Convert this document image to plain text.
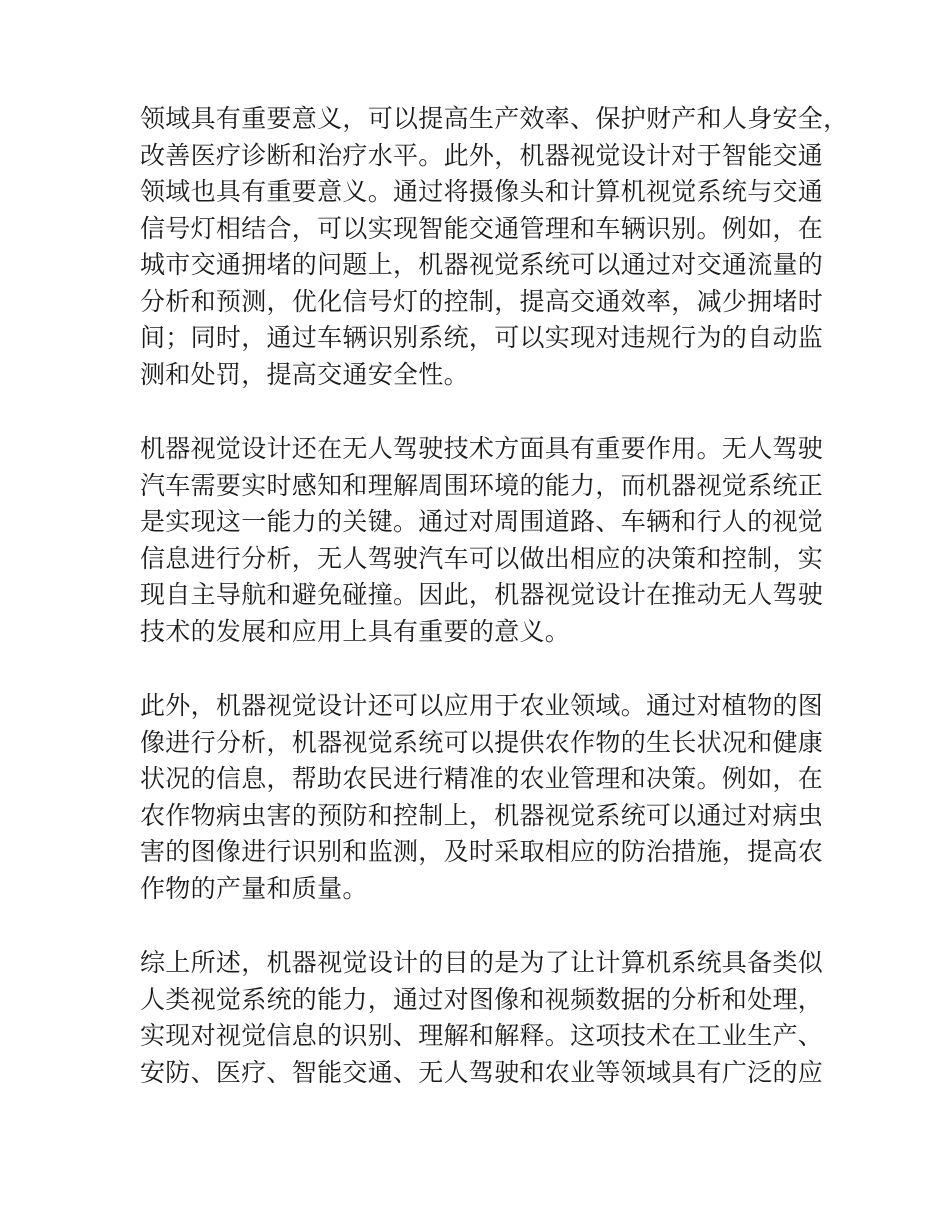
领域具有重要意义，可以提高生产效率、保护财产和人身安全，
改善医疗诊断和治疗水平。此外，机器视觉设计对于智能交通
领域也具有重要意义。通过将摄像头和计算机视觉系统与交通
信号灯相结合，可以实现智能交通管理和车辆识别。例如，在
城市交通拥堵的问题上，机器视觉系统可以通过对交通流量的
分析和预测，优化信号灯的控制，提高交通效率，减少拥堵时
间；同时，通过车辆识别系统，可以实现对违规行为的自动监
测和处罚，提高交通安全性。
机器视觉设计还在无人驾驶技术方面具有重要作用。无人驾驶
汽车需要实时感知和理解周围环境的能力，而机器视觉系统正
是实现这一能力的关键。通过对周围道路、车辆和行人的视觉
信息进行分析，无人驾驶汽车可以做出相应的决策和控制，实
现自主导航和避免碰撞。因此，机器视觉设计在推动无人驾驶
技术的发展和应用上具有重要的意义。
此外，机器视觉设计还可以应用于农业领域。通过对植物的图
像进行分析，机器视觉系统可以提供农作物的生长状况和健康
状况的信息，帮助农民进行精准的农业管理和决策。例如，在
农作物病虫害的预防和控制上，机器视觉系统可以通过对病虫
害的图像进行识别和监测，及时采取相应的防治措施，提高农
作物的产量和质量。
综上所述，机器视觉设计的目的是为了让计算机系统具备类似
人类视觉系统的能力，通过对图像和视频数据的分析和处理，
实现对视觉信息的识别、理解和解释。这项技术在工业生产、
安防、医疗、智能交通、无人驾驶和农业等领域具有广泛的应
